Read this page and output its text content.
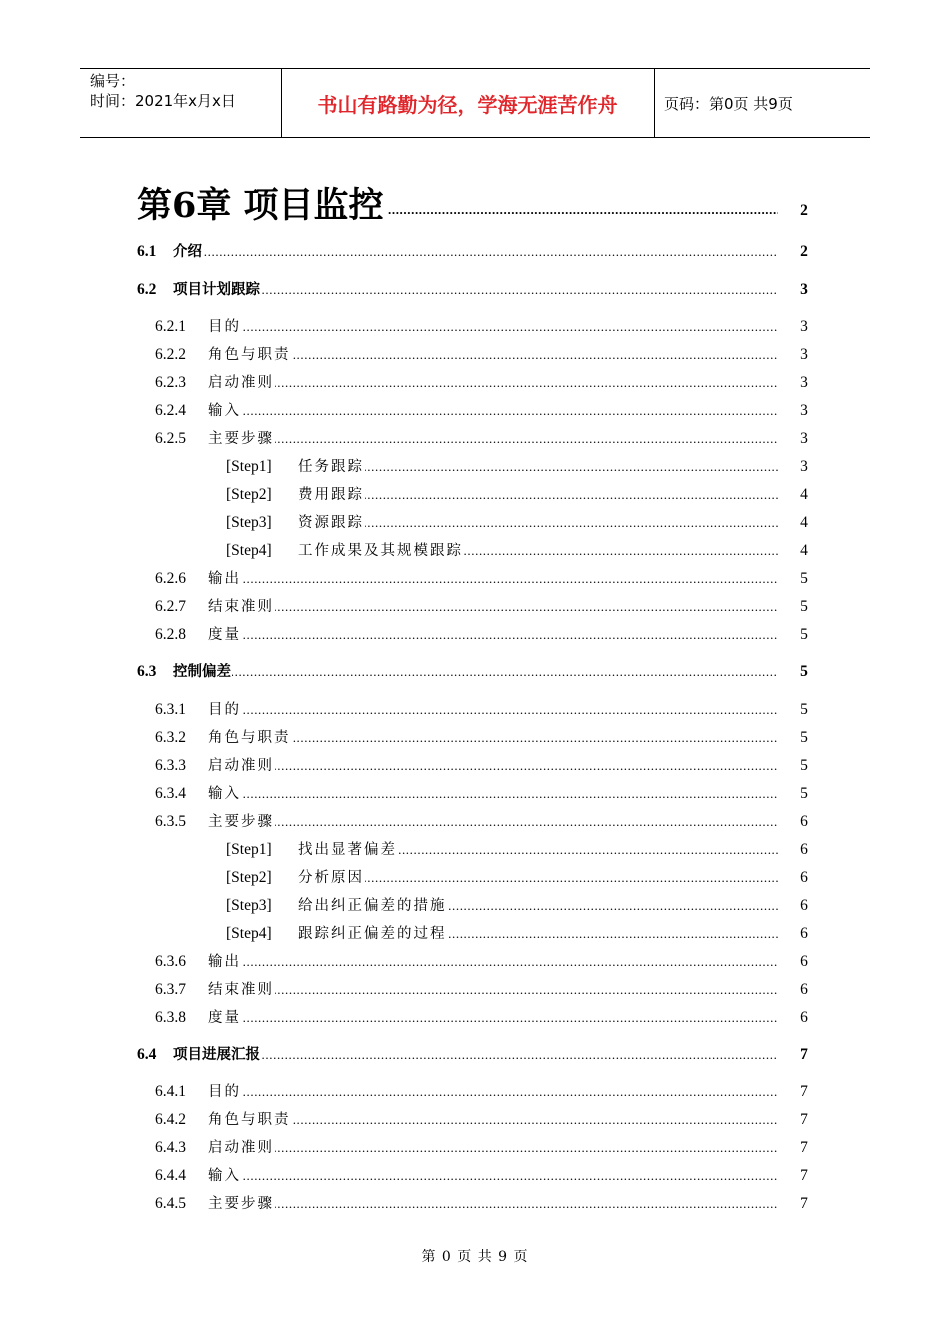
编号：
时间：2021年x月x日	书山有路勤为径，学海无涯苦作舟	页码：第0页 共9页
第6章 项目监控 .....	2
.....
6.1 介绍	2
.....
6.2 项目计划跟踪	3
.....
6.2.1 目的	3
.....
6.2.2 角色与职责	3
.....
6.2.3 启动准则	3
.....
6.2.4 输入	3
.....
6.2.5 主要步骤	3
.....
[Step1] 任务跟踪	3
.....
[Step2] 费用跟踪	4
.....
[Step3] 资源跟踪	4
.....
[Step4] 工作成果及其规模跟踪	4
.....
6.2.6 输出	5
.....
6.2.7 结束准则	5
.....
6.2.8 度量	5
.....
6.3 控制偏差	5
.....
6.3.1 目的	5
.....
6.3.2 角色与职责	5
.....
6.3.3 启动准则	5
.....
6.3.4 输入	5
.....
6.3.5 主要步骤	6
.....
[Step1] 找出显著偏差	6
.....
[Step2] 分析原因	6
.....
[Step3] 给出纠正偏差的措施	6
.....
[Step4] 跟踪纠正偏差的过程	6
.....
6.3.6 输出	6
.....
6.3.7 结束准则	6
.....
6.3.8 度量	6
.....
6.4 项目进展汇报	7
.....
6.4.1 目的	7
.....
6.4.2 角色与职责	7
.....
6.4.3 启动准则	7
.....
6.4.4 输入	7
.....
6.4.5 主要步骤	7
第 0 页 共 9 页
